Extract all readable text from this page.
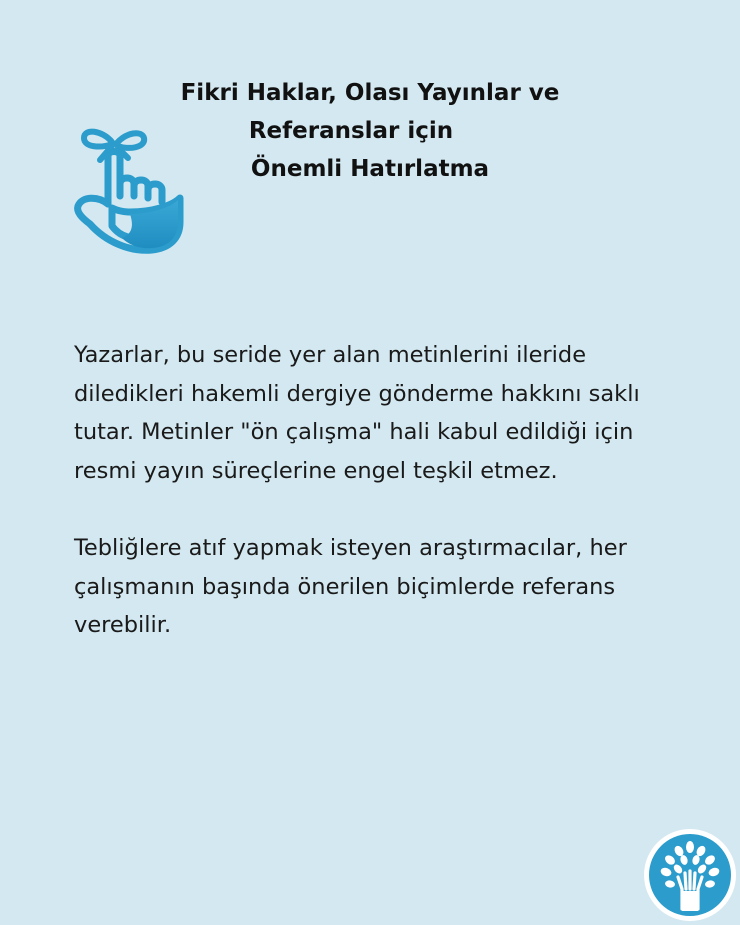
Fikri Haklar, Olası Yayınlar ve
Referanslar için
Önemli Hatırlatma

Yazarlar, bu seride yer alan metinlerini ileride diledikleri hakemli dergiye gönderme hakkını saklı tutar. Metinler "ön çalışma" hali kabul edildiği için resmi yayın süreçlerine engel teşkil etmez.

Tebliğlere atıf yapmak isteyen araştırmacılar, her çalışmanın başında önerilen biçimlerde referans verebilir.
